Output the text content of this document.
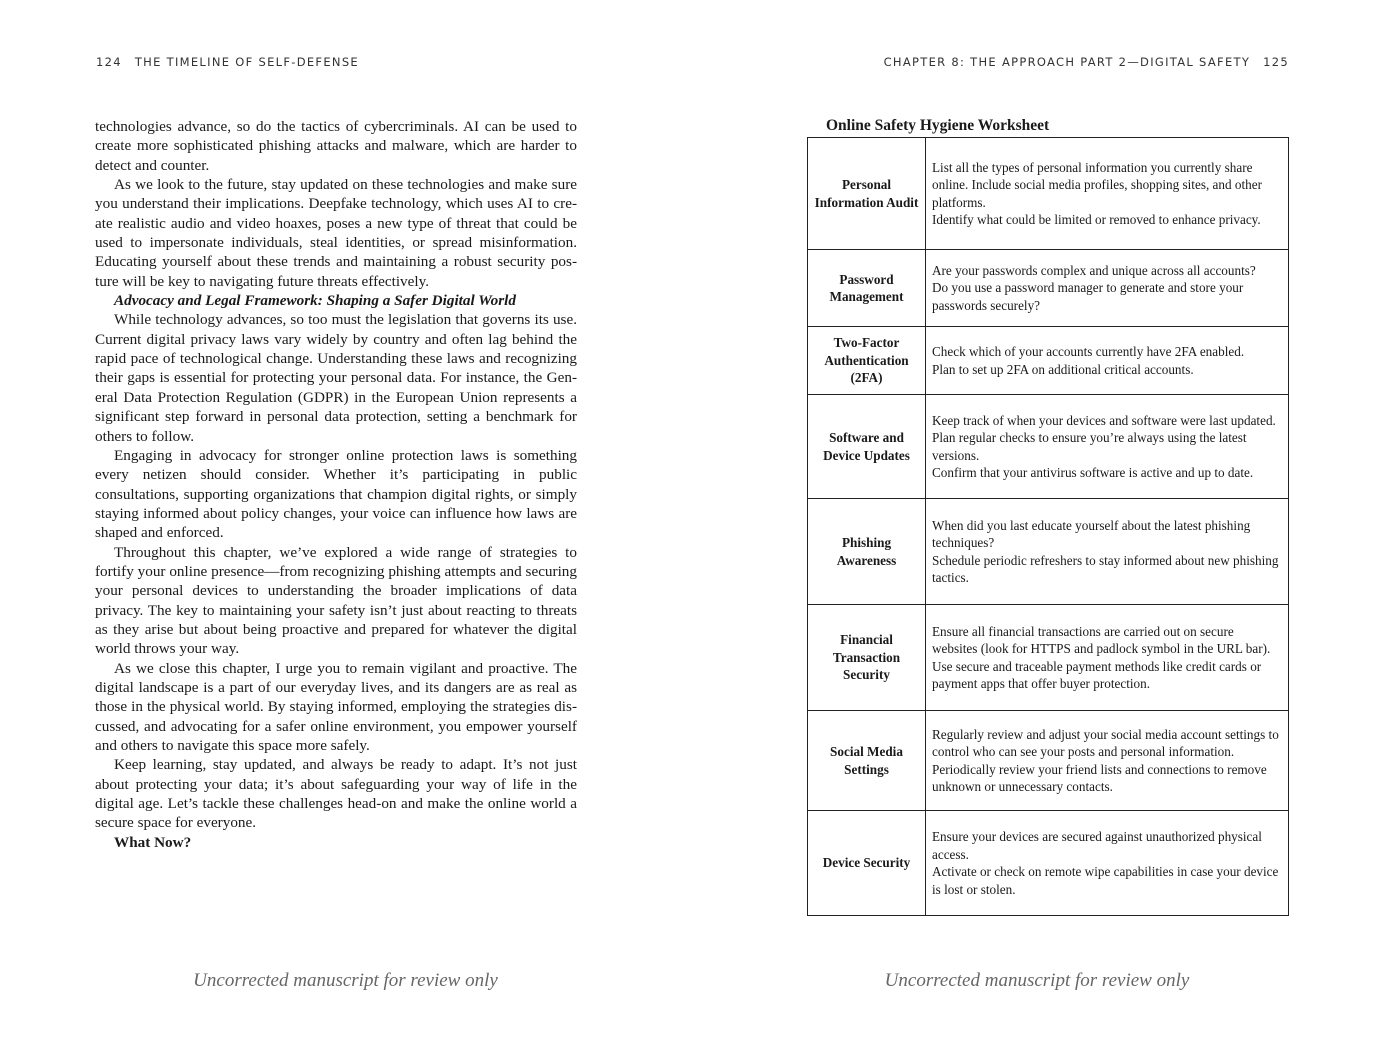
124 THE TIMELINE OF SELF-DEFENSE

technologies advance, so do the tactics of cybercriminals. AI can be used to create more sophisticated phishing attacks and malware, which are harder to detect and counter.

As we look to the future, stay updated on these technologies and make sure you understand their implications. Deepfake technology, which uses AI to create realistic audio and video hoaxes, poses a new type of threat that could be used to impersonate individuals, steal identities, or spread misinformation. Educating yourself about these trends and maintaining a robust security posture will be key to navigating future threats effectively.

Advocacy and Legal Framework: Shaping a Safer Digital World

While technology advances, so too must the legislation that governs its use. Current digital privacy laws vary widely by country and often lag behind the rapid pace of technological change. Understanding these laws and recognizing their gaps is essential for protecting your personal data. For instance, the General Data Protection Regulation (GDPR) in the European Union represents a significant step forward in personal data protection, setting a benchmark for others to follow.

Engaging in advocacy for stronger online protection laws is something every netizen should consider. Whether it’s participating in public consultations, supporting organizations that champion digital rights, or simply staying informed about policy changes, your voice can influence how laws are shaped and enforced.

Throughout this chapter, we’ve explored a wide range of strategies to fortify your online presence—from recognizing phishing attempts and securing your personal devices to understanding the broader implications of data privacy. The key to maintaining your safety isn’t just about reacting to threats as they arise but about being proactive and prepared for whatever the digital world throws your way.

As we close this chapter, I urge you to remain vigilant and proactive. The digital landscape is a part of our everyday lives, and its dangers are as real as those in the physical world. By staying informed, employing the strategies discussed, and advocating for a safer online environment, you empower yourself and others to navigate this space more safely.

Keep learning, stay updated, and always be ready to adapt. It’s not just about protecting your data; it’s about safeguarding your way of life in the digital age. Let’s tackle these challenges head-on and make the online world a secure space for everyone.

What Now?

Uncorrected manuscript for review only
CHAPTER 8: THE APPROACH PART 2—DIGITAL SAFETY 125
Online Safety Hygiene Worksheet
Personal Information Audit	List all the types of personal information you currently share online. Include social media profiles, shopping sites, and other platforms.
Identify what could be limited or removed to enhance privacy.

Password Management	Are your passwords complex and unique across all accounts?
Do you use a password manager to generate and store your passwords securely?

Two-Factor Authentication (2FA)	Check which of your accounts currently have 2FA enabled.
Plan to set up 2FA on additional critical accounts.

Software and Device Updates	Keep track of when your devices and software were last updated.
Plan regular checks to ensure you’re always using the latest versions.
Confirm that your antivirus software is active and up to date.

Phishing Awareness	When did you last educate yourself about the latest phishing techniques?
Schedule periodic refreshers to stay informed about new phishing tactics.

Financial Transaction Security	Ensure all financial transactions are carried out on secure websites (look for HTTPS and padlock symbol in the URL bar).
Use secure and traceable payment methods like credit cards or payment apps that offer buyer protection.

Social Media Settings	Regularly review and adjust your social media account settings to control who can see your posts and personal information.
Periodically review your friend lists and connections to remove unknown or unnecessary contacts.

Device Security	Ensure your devices are secured against unauthorized physical access.
Activate or check on remote wipe capabilities in case your device is lost or stolen.
Uncorrected manuscript for review only
